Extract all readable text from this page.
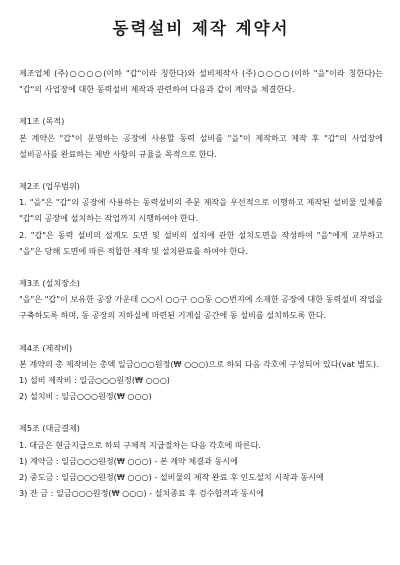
동력설비 제작 계약서

제조업체 (주)○○○○(이하 "갑"이라 칭한다)와 설비제작사 (주)○○○○(이하 "을"이라 칭한다)는 "갑"의 사업장에 대한 동력설비 제작과 관련하여 다음과 같이 계약을 체결한다.

제1조 (목적)

본 계약은 "갑"이 운영하는 공장에 사용할 동력 설비를 "을"이 제작하고 제작 후 "갑"의 사업장에 설비공사를 완료하는 제반 사항의 규율을 목적으로 한다.

제2조 (업무범위)

1. "을"은 "갑"의 공장에 사용하는 동력설비의 주문 제작을 우선적으로 이행하고 제작된 설비물 일체를 "갑"의 공장에 설치하는 작업까지 시행하여야 한다.

2. "갑"은 동력 설비의 설계도 도면 및 설비의 설치에 관한 설치도면을 작성하여 "을"에게 교부하고 "을"은 당해 도면에 따른 적합한 제작 및 설치완료를 하여야 한다.

제3조 (설치장소)

"을"은 "갑"이 보유한 공장 가운데 ○○시 ○○구 ○○동 ○○번지에 소재한 공장에 대한 동력설비 작업을 구축하도록 하며, 동 공장의 지하실에 마련된 기계실 공간에 동 설비를 설치하도록 한다.

제4조 (제작비)

본 계약의 총 제작비는 총액 일금○○○원정(₩ ○○○)으로 하되 다음 각호에 구성되어 있다(vat 별도).

1) 설비 제작비 : 일금○○○원정(₩ ○○○)

2) 설치비 : 일금○○○원정(₩ ○○○)

제5조 (대금결제)

1. 대금은 현금지급으로 하되 구체적 지급절차는 다음 각호에 따른다.

1) 계약금 : 일금○○○원정(₩ ○○○) - 본 계약 체결과 동시에

2) 중도금 : 일금○○○원정(₩ ○○○) - 설비물의 제작 완료 후 인도설치 시작과 동시에

3) 잔 금 : 일금○○○원정(₩ ○○○) - 설치종료 후 검수합격과 동시에
